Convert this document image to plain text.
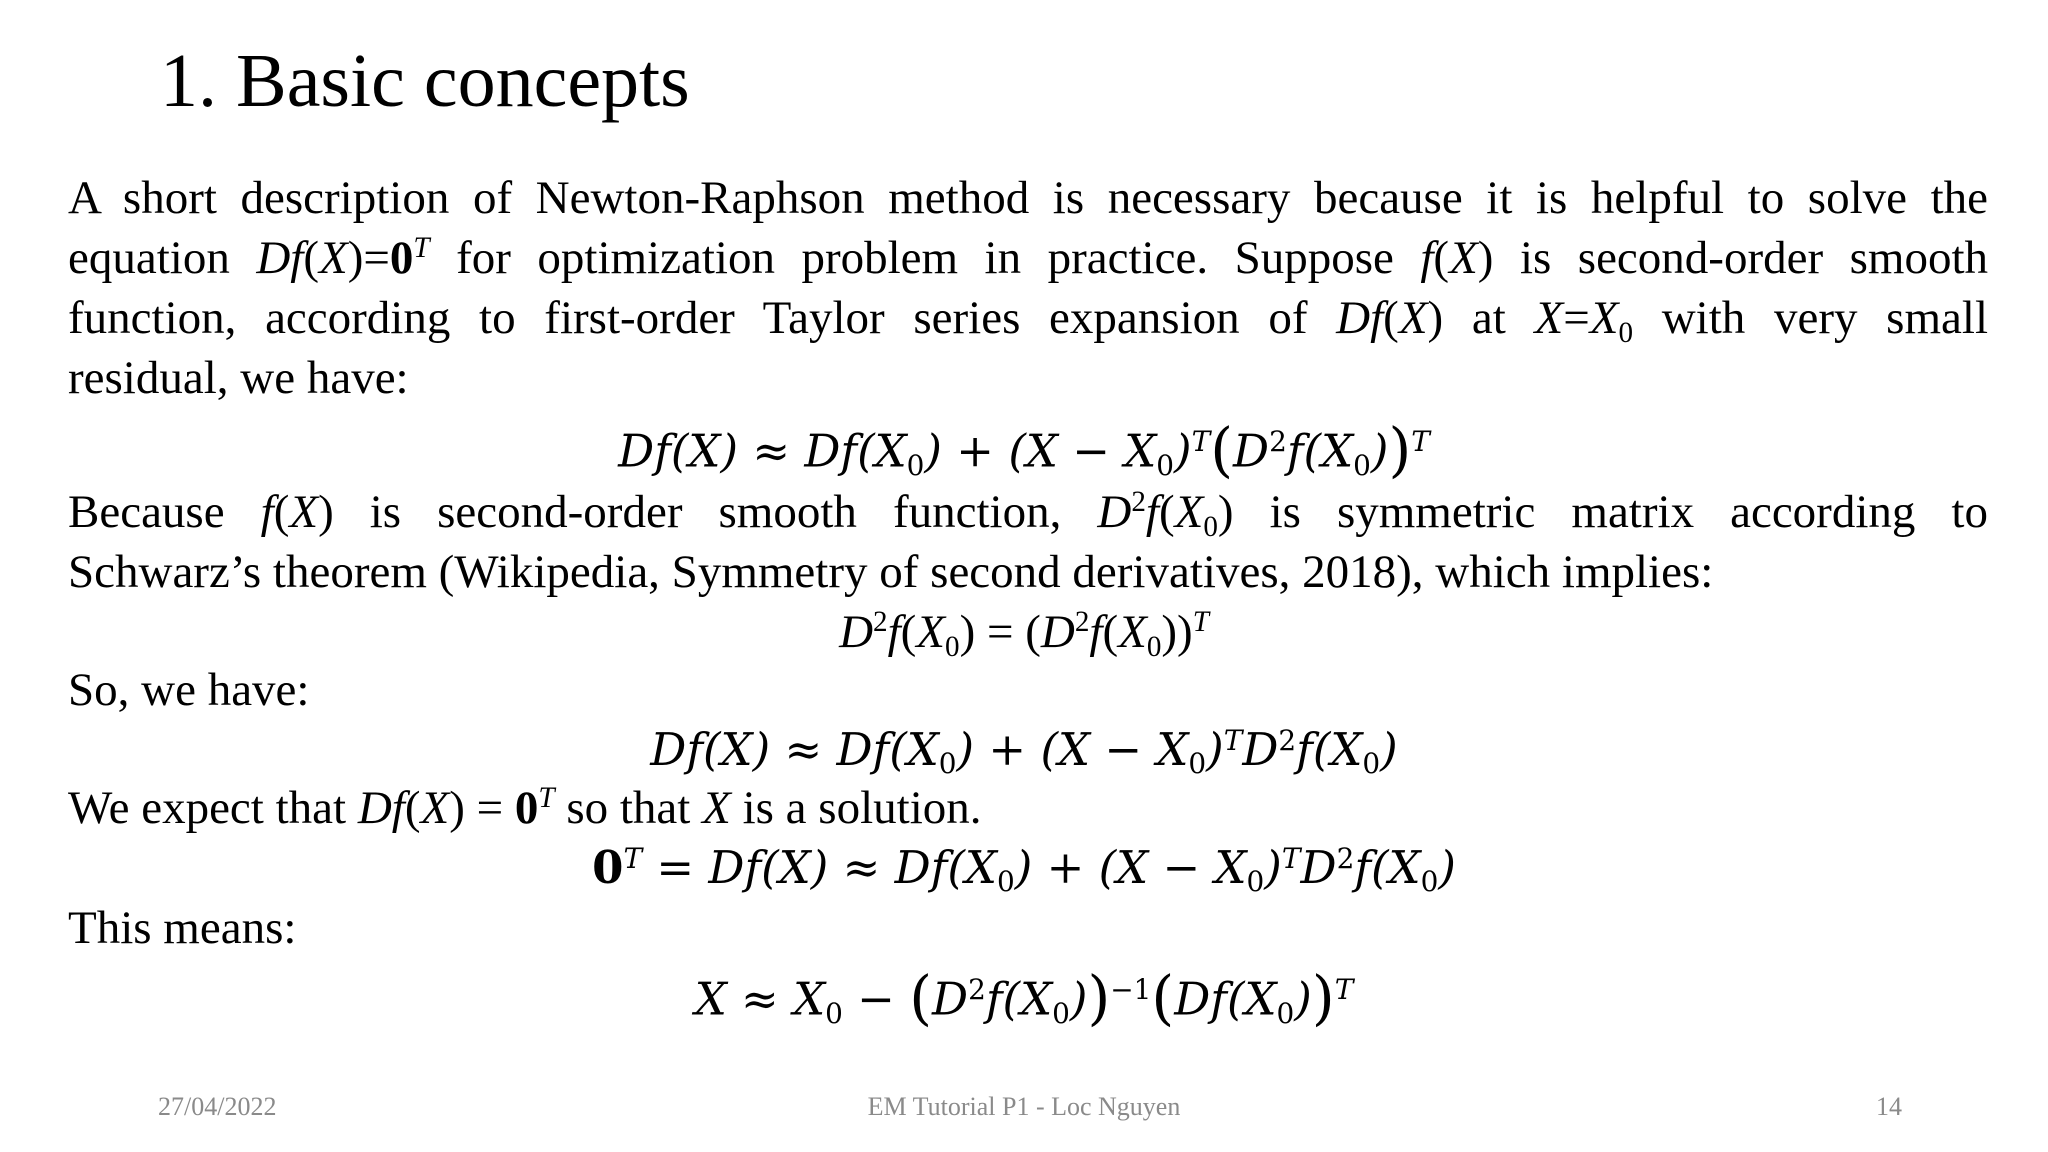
1. Basic concepts
A short description of Newton-Raphson method is necessary because it is helpful to solve the
equation $Df(X)=0^T$ for optimization problem in practice. Suppose f(X) is second-order smooth
function, according to first-order Taylor series expansion of Df(X) at $X=X_0$ with very small
residual, we have:
$Df(X) \approx Df(X_0) + (X - X_0)^T(D^2f(X_0))^T$
Because f(X) is second-order smooth function, $D^2f(X_0)$ is symmetric matrix according to
Schwarz’s theorem (Wikipedia, Symmetry of second derivatives, 2018), which implies:
$D^2f(X_0) = (D^2f(X_0))^T$
So, we have:
$Df(X) \approx Df(X_0) + (X - X_0)^TD^2f(X_0)$
We expect that $Df(X) = 0^T$ so that X is a solution.
$0^T = Df(X) \approx Df(X_0) + (X - X_0)^TD^2f(X_0)$
This means:
$X \approx X_0 - (D^2f(X_0))^{-1}(Df(X_0))^T$
27/04/2022	EM Tutorial P1 - Loc Nguyen	14
